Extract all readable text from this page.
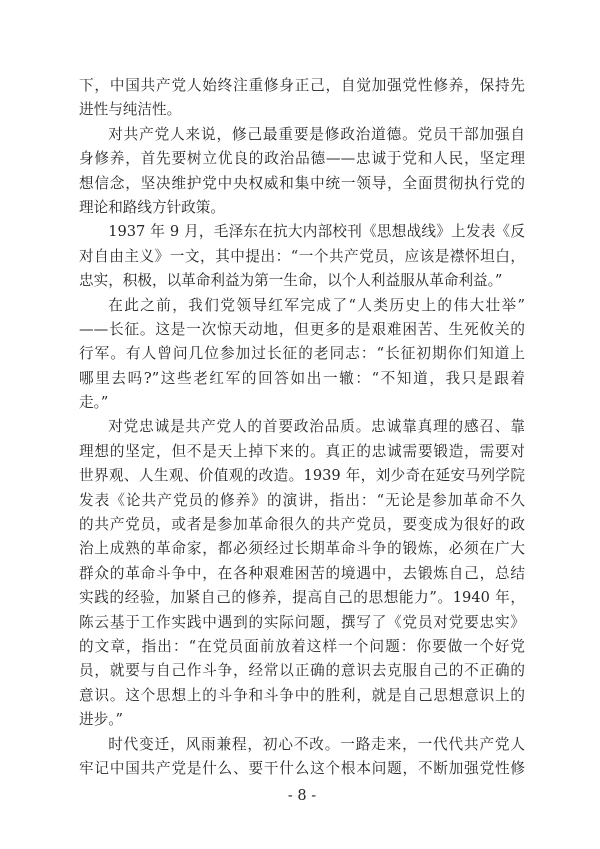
下，中国共产党人始终注重修身正己，自觉加强党性修养，保持先
进性与纯洁性。
对共产党人来说，修己最重要是修政治道德。党员干部加强自
身修养，首先要树立优良的政治品德——忠诚于党和人民，坚定理
想信念，坚决维护党中央权威和集中统一领导，全面贯彻执行党的
理论和路线方针政策。
1937 年 9 月，毛泽东在抗大内部校刊《思想战线》上发表《反
对自由主义》一文，其中提出：“一个共产党员，应该是襟怀坦白，
忠实，积极，以革命利益为第一生命，以个人利益服从革命利益。”
在此之前，我们党领导红军完成了“人类历史上的伟大壮举”
——长征。这是一次惊天动地，但更多的是艰难困苦、生死攸关的
行军。有人曾问几位参加过长征的老同志：“长征初期你们知道上
哪里去吗?”这些老红军的回答如出一辙：“不知道，我只是跟着
走。”
对党忠诚是共产党人的首要政治品质。忠诚靠真理的感召、靠
理想的坚定，但不是天上掉下来的。真正的忠诚需要锻造，需要对
世界观、人生观、价值观的改造。1939 年，刘少奇在延安马列学院
发表《论共产党员的修养》的演讲，指出：“无论是参加革命不久
的共产党员，或者是参加革命很久的共产党员，要变成为很好的政
治上成熟的革命家，都必须经过长期革命斗争的锻炼，必须在广大
群众的革命斗争中，在各种艰难困苦的境遇中，去锻炼自己，总结
实践的经验，加紧自己的修养，提高自己的思想能力”。1940 年，
陈云基于工作实践中遇到的实际问题，撰写了《党员对党要忠实》
的文章，指出：“在党员面前放着这样一个问题：你要做一个好党
员，就要与自己作斗争，经常以正确的意识去克服自己的不正确的
意识。这个思想上的斗争和斗争中的胜利，就是自己思想意识上的
进步。”
时代变迁，风雨兼程，初心不改。一路走来，一代代共产党人
牢记中国共产党是什么、要干什么这个根本问题，不断加强党性修
- 8 -
